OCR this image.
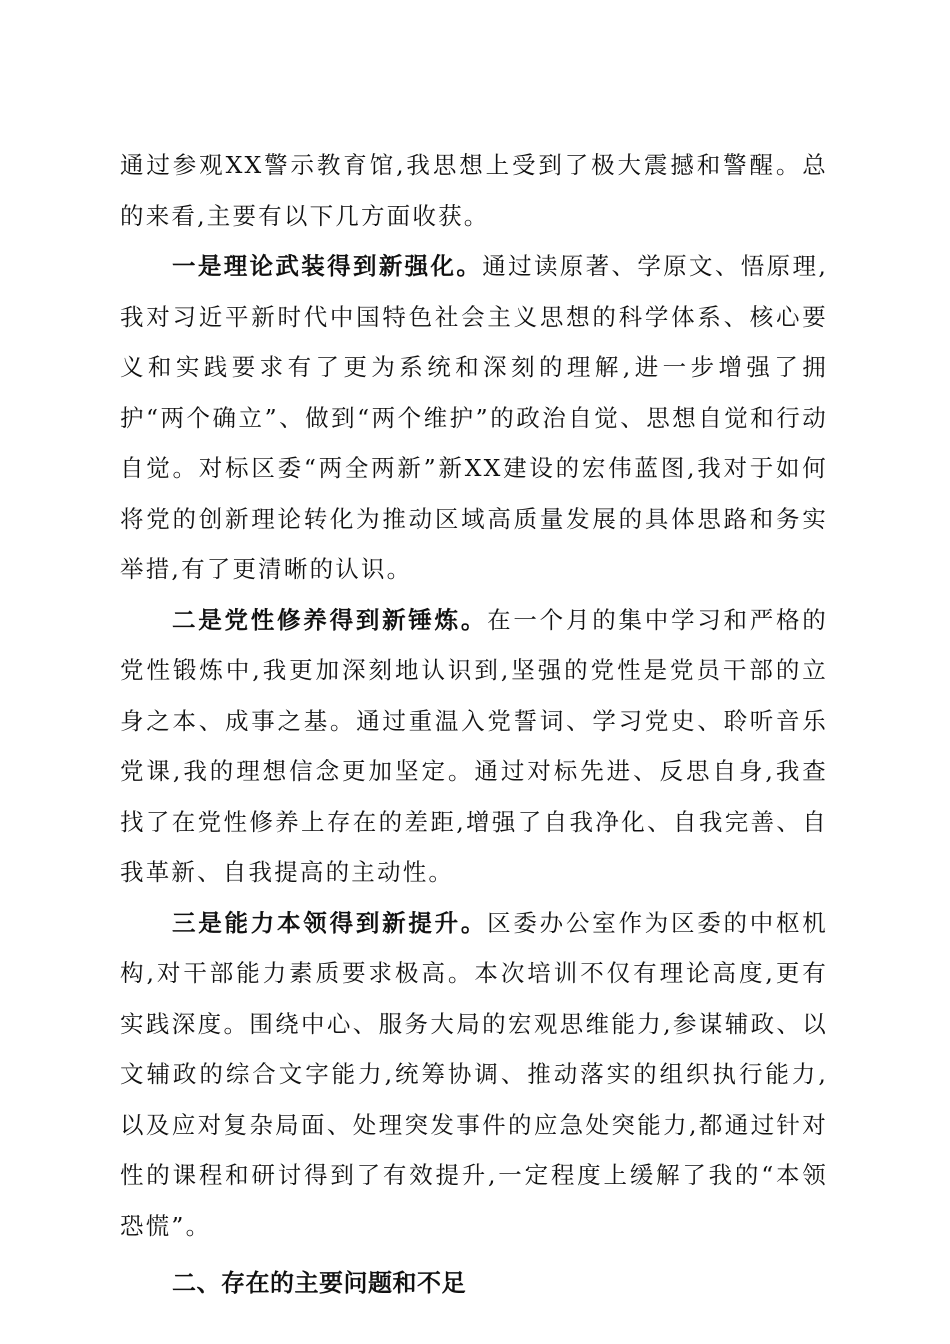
通过参观XX警示教育馆,我思想上受到了极大震撼和警醒。总的来看,主要有以下几方面收获。

一是理论武装得到新强化。通过读原著、学原文、悟原理,我对习近平新时代中国特色社会主义思想的科学体系、核心要义和实践要求有了更为系统和深刻的理解,进一步增强了拥护“两个确立”、做到“两个维护”的政治自觉、思想自觉和行动自觉。对标区委“两全两新”新XX建设的宏伟蓝图,我对于如何将党的创新理论转化为推动区域高质量发展的具体思路和务实举措,有了更清晰的认识。

二是党性修养得到新锤炼。在一个月的集中学习和严格的党性锻炼中,我更加深刻地认识到,坚强的党性是党员干部的立身之本、成事之基。通过重温入党誓词、学习党史、聆听音乐党课,我的理想信念更加坚定。通过对标先进、反思自身,我查找了在党性修养上存在的差距,增强了自我净化、自我完善、自我革新、自我提高的主动性。

三是能力本领得到新提升。区委办公室作为区委的中枢机构,对干部能力素质要求极高。本次培训不仅有理论高度,更有实践深度。围绕中心、服务大局的宏观思维能力,参谋辅政、以文辅政的综合文字能力,统筹协调、推动落实的组织执行能力,以及应对复杂局面、处理突发事件的应急处突能力,都通过针对性的课程和研讨得到了有效提升,一定程度上缓解了我的“本领恐慌”。

二、存在的主要问题和不足
